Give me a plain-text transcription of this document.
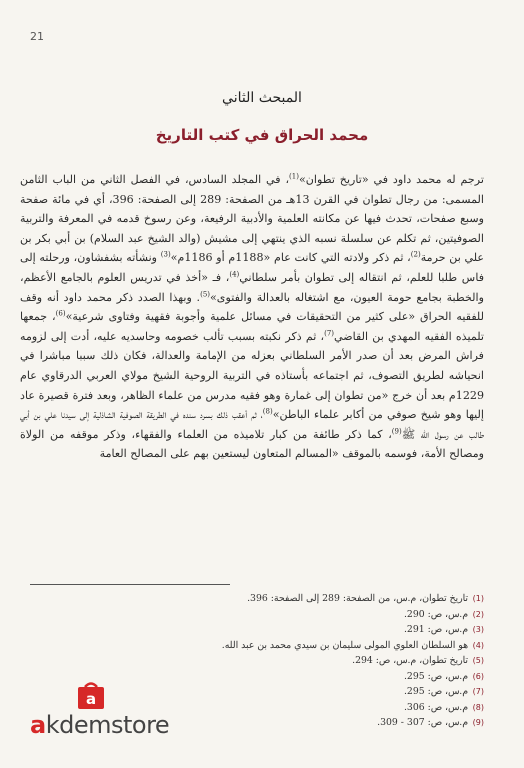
21
المبحث الثاني
محمد الحراق في كتب التاريخ

ترجم له محمد داود في «تاريخ تطوان»$^{(1)}$، في المجلد السادس، في الفصل الثاني من الباب الثامن المسمى: من رجال تطوان في القرن 13هـ من الصفحة: 289 إلى الصفحة: 396، أي في مائة صفحة وسبع صفحات، تحدث فيها عن مكانته العلمية والأدبية الرفيعة، وعن رسوخ قدمه في المعرفة والتربية الصوفيتين، ثم تكلم عن سلسلة نسبه الذي ينتهي إلى مشيش (والد الشيخ عبد السلام) بن أبي بكر بن علي بن حرمة$^{(2)}$، ثم ذكر ولادته التي كانت عام «1188م أو 1186م»$^{(3)}$ ونشأته بشفشاون، ورحلته إلى فاس طلبا للعلم، ثم انتقاله إلى تطوان بأمر سلطاني$^{(4)}$، فـ «أخذ في تدريس العلوم بالجامع الأعظم، والخطبة بجامع حومة العيون، مع اشتغاله بالعدالة والفتوى»$^{(5)}$. وبهذا الصدد ذكر محمد داود أنه وقف للفقيه الحراق «على كثير من التحقيقات في مسائل علمية وأجوبة فقهية وفتاوى شرعية»$^{(6)}$، جمعها تلميذه الفقيه المهدي بن القاضي$^{(7)}$، ثم ذكر نكبته بسبب تألب خصومه وحاسديه عليه، أدت إلى لزومه فراش المرض بعد أن صدر الأمر السلطاني بعزله من الإمامة والعدالة، فكان ذلك سببا مباشرا في انحياشه لطريق التصوف، ثم اجتماعه بأستاذه في التربية الروحية الشيخ مولاي العربي الدرقاوي عام 1229م بعد أن خرج «من تطوان إلى غمارة وهو فقيه مدرس من علماء الظاهر، وبعد فترة قصيرة عاد إليها وهو شيخ صوفي من أكابر علماء الباطن»$^{(8)}$، ثم أعقب ذلك بسرد سنده في الطريقة الصوفية الشاذلية إلى سيدنا علي بن أبي طالب عن رسول الله ﷺ$^{(9)}$، كما ذكر طائفة من كبار تلاميذه من العلماء والفقهاء، وذكر موقفه من الولاة ومصالح الأمة، فوسمه بالموقف «المسالم المتعاون ليستعين بهم على المصالح العامة

(1)تاريخ تطوان، م.س، من الصفحة: 289 إلى الصفحة: 396.
(2)م.س، ص: 290.
(3)م.س، ص: 291.
(4)هو السلطان العلوي المولى سليمان بن سيدي محمد بن عبد الله.
(5)تاريخ تطوان، م.س، ص: 294.
(6)م.س، ص: 295.
(7)م.س، ص: 295.
(8)م.س، ص: 306.
(9)م.س، ص: 307 - 309.
a
akdemstore
